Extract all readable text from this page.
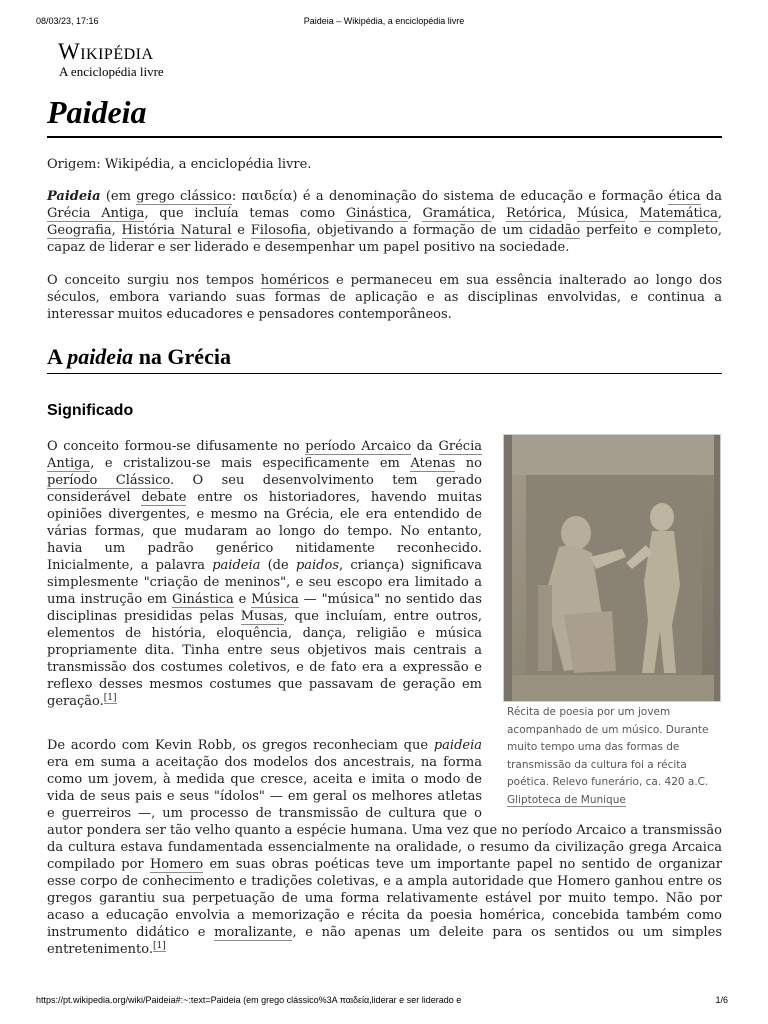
08/03/23, 17:16	Paideia – Wikipédia, a enciclopédia livre
Wikipédia
A enciclopédia livre
Paideia

Origem: Wikipédia, a enciclopédia livre.

Paideia (em grego clássico: παιδεία) é a denominação do sistema de educação e formação ética da Grécia Antiga, que incluía temas como Ginástica, Gramática, Retórica, Música, Matemática, Geografia, História Natural e Filosofia, objetivando a formação de um cidadão perfeito e completo, capaz de liderar e ser liderado e desempenhar um papel positivo na sociedade.

O conceito surgiu nos tempos homéricos e permaneceu em sua essência inalterado ao longo dos séculos, embora variando suas formas de aplicação e as disciplinas envolvidas, e continua a interessar muitos educadores e pensadores contemporâneos.

A paideia na Grécia
Significado
Récita de poesia por um jovem acompanhado de um músico. Durante muito tempo uma das formas de transmissão da cultura foi a récita poética. Relevo funerário, ca. 420 a.C. Gliptoteca de Munique

O conceito formou-se difusamente no período Arcaico da Grécia Antiga, e cristalizou-se mais especificamente em Atenas no período Clássico. O seu desenvolvimento tem gerado considerável debate entre os historiadores, havendo muitas opiniões divergentes, e mesmo na Grécia, ele era entendido de várias formas, que mudaram ao longo do tempo. No entanto, havia um padrão genérico nitidamente reconhecido. Inicialmente, a palavra paideia (de paidos, criança) significava simplesmente "criação de meninos", e seu escopo era limitado a uma instrução em Ginástica e Música — "música" no sentido das disciplinas presididas pelas Musas, que incluíam, entre outros, elementos de história, eloquência, dança, religião e música propriamente dita. Tinha entre seus objetivos mais centrais a transmissão dos costumes coletivos, e de fato era a expressão e reflexo desses mesmos costumes que passavam de geração em geração.[1]

De acordo com Kevin Robb, os gregos reconheciam que paideia era em suma a aceitação dos modelos dos ancestrais, na forma como um jovem, à medida que cresce, aceita e imita o modo de vida de seus pais e seus "ídolos" — em geral os melhores atletas e guerreiros —, um processo de transmissão de cultura que o autor pondera ser tão velho quanto a espécie humana. Uma vez que no período Arcaico a transmissão da cultura estava fundamentada essencialmente na oralidade, o resumo da civilização grega Arcaica compilado por Homero em suas obras poéticas teve um importante papel no sentido de organizar esse corpo de conhecimento e tradições coletivas, e a ampla autoridade que Homero ganhou entre os gregos garantiu sua perpetuação de uma forma relativamente estável por muito tempo. Não por acaso a educação envolvia a memorização e récita da poesia homérica, concebida também como instrumento didático e moralizante, e não apenas um deleite para os sentidos ou um simples entretenimento.[1]

https://pt.wikipedia.org/wiki/Paideia#:~:text=Paideia (em grego clássico%3A παιδεία,liderar e ser liderado e	1/6
